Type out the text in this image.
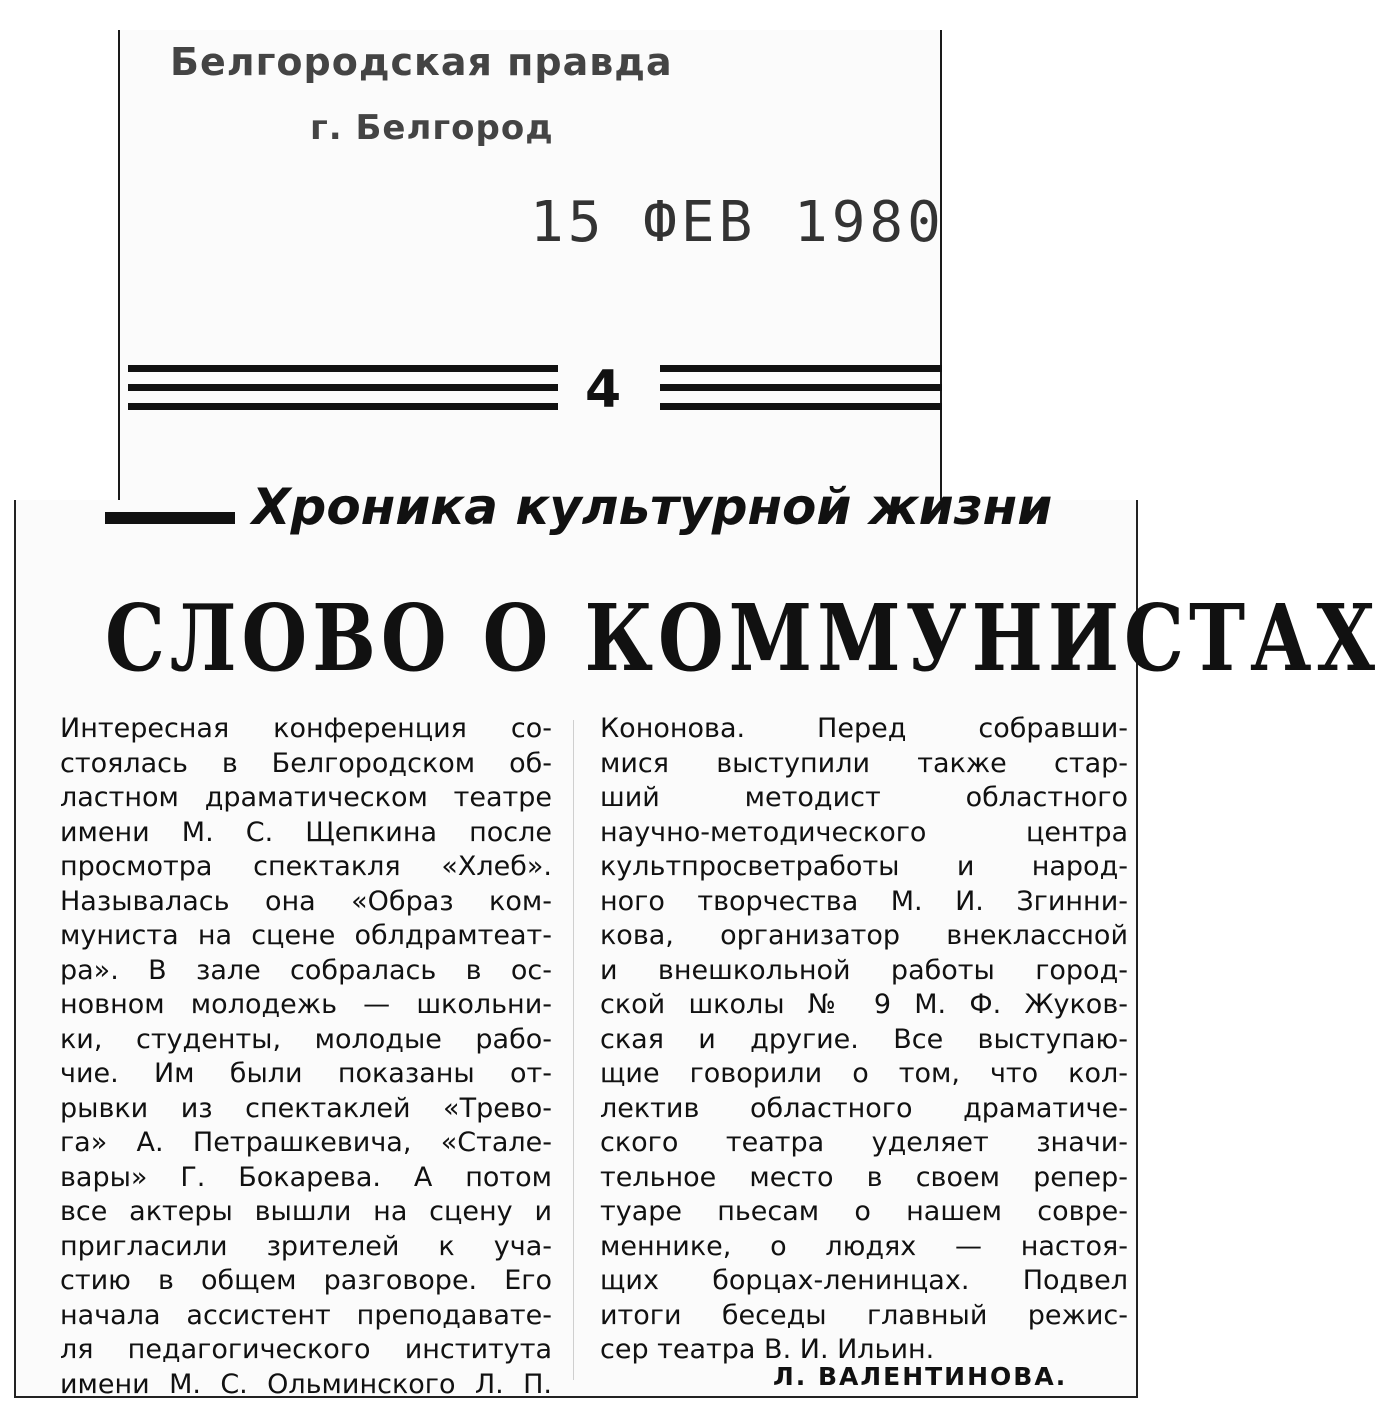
Белгородская правда
г. Белгород
15 ФЕВ 1980
4
Хроника культурной жизни
СЛОВО О КОММУНИСТАХ
Интересная конференция со-
стоялась в Белгородском об-
ластном драматическом театре
имени М. С. Щепкина после
просмотра спектакля «Хлеб».
Называлась она «Образ ком-
муниста на сцене облдрамтеат-
ра». В зале собралась в ос-
новном молодежь — школьни-
ки, студенты, молодые рабо-
чие. Им были показаны от-
рывки из спектаклей «Трево-
га» А. Петрашкевича, «Стале-
вары» Г. Бокарева. А потом
все актеры вышли на сцену и
пригласили зрителей к уча-
стию в общем разговоре. Его
начала ассистент преподавате-
ля педагогического института
имени М. С. Ольминского Л. П.
Кононова. Перед собравши-
мися выступили также стар-
ший методист областного
научно-методического центра
культпросветработы и народ-
ного творчества М. И. Згинни-
кова, организатор внеклассной
и внешкольной работы город-
ской школы № 9 М. Ф. Жуков-
ская и другие. Все выступаю-
щие говорили о том, что кол-
лектив областного драматиче-
ского театра уделяет значи-
тельное место в своем репер-
туаре пьесам о нашем совре-
меннике, о людях — настоя-
щих борцах-ленинцах. Подвел
итоги беседы главный режис-
сер театра В. И. Ильин.
Л. ВАЛЕНТИНОВА.
